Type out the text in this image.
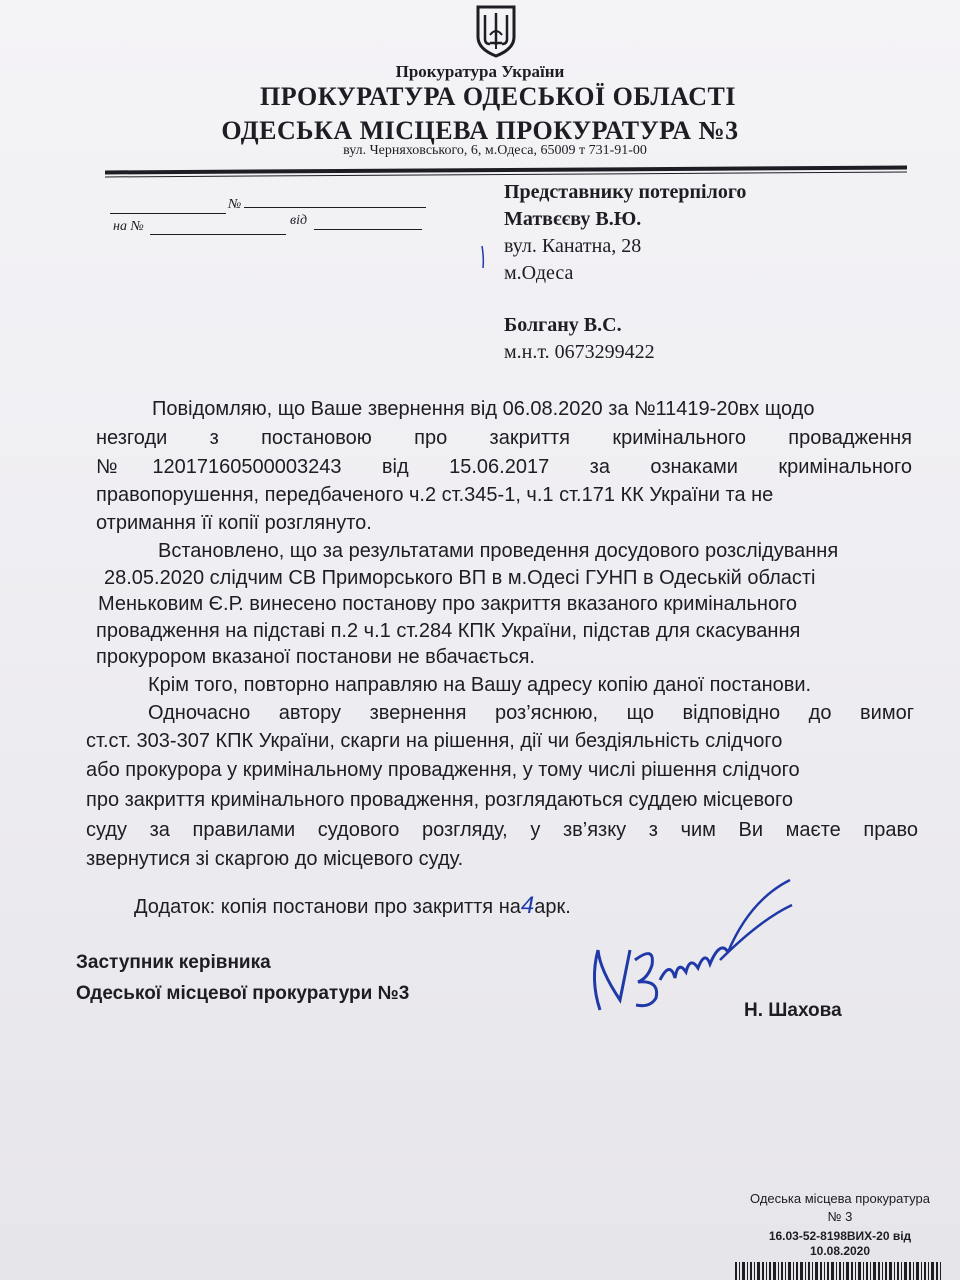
Прокуратура України
ПРОКУРАТУРА ОДЕСЬКОЇ ОБЛАСТІ
ОДЕСЬКА МІСЦЕВА ПРОКУРАТУРА №3
вул. Черняховського, 6, м.Одеса, 65009 т 731-91-00
№
на №	від
Представнику потерпілого
Матвєєву В.Ю.
вул. Канатна, 28
м.Одеса
Болгану В.С.
м.н.т. 0673299422
Повідомляю, що Ваше звернення від 06.08.2020 за №11419-20вх щодо
незгоди з постановою про закриття кримінального провадження
№12017160500003243 від 15.06.2017 за ознаками кримінального
правопорушення, передбаченого ч.2 ст.345-1, ч.1 ст.171 КК України та не
отримання її копії розглянуто.
Встановлено, що за результатами проведення досудового розслідування
28.05.2020 слідчим СВ Приморського ВП в м.Одесі ГУНП в Одеській області
Меньковим Є.Р. винесено постанову про закриття вказаного кримінального
провадження на підставі п.2 ч.1 ст.284 КПК України, підстав для скасування
прокурором вказаної постанови не вбачається.
Крім того, повторно направляю на Вашу адресу копію даної постанови.
Одночасно автору звернення роз’яснюю, що відповідно до вимог
ст.ст. 303-307 КПК України, скарги на рішення, дії чи бездіяльність слідчого
або прокурора у кримінальному провадження, у тому числі рішення слідчого
про закриття кримінального провадження, розглядаються суддею місцевого
суду за правилами судового розгляду, у зв’язку з чим Ви маєте право
звернутися зі скаргою до місцевого суду.
Додаток: копія постанови про закриття на4арк.
Заступник керівника
Одеської місцевої прокуратури №3
Н. Шахова
Одеська місцева прокуратура
№ 3
16.03-52-8198ВИХ-20 від
10.08.2020
